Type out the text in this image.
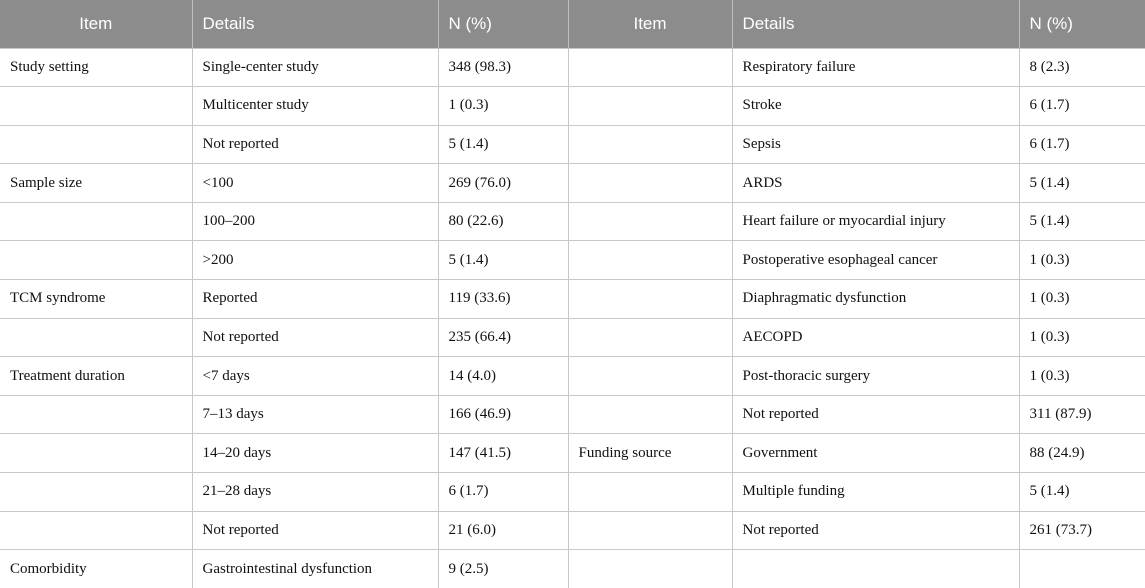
Item	Details	N (%)	Item	Details	N (%)
Study setting	Single-center study	348 (98.3)		Respiratory failure	8 (2.3)
	Multicenter study	1 (0.3)		Stroke	6 (1.7)
	Not reported	5 (1.4)		Sepsis	6 (1.7)
Sample size	<100	269 (76.0)		ARDS	5 (1.4)
	100–200	80 (22.6)		Heart failure or myocardial injury	5 (1.4)
	>200	5 (1.4)		Postoperative esophageal cancer	1 (0.3)
TCM syndrome	Reported	119 (33.6)		Diaphragmatic dysfunction	1 (0.3)
	Not reported	235 (66.4)		AECOPD	1 (0.3)
Treatment duration	<7 days	14 (4.0)		Post-thoracic surgery	1 (0.3)
	7–13 days	166 (46.9)		Not reported	311 (87.9)
	14–20 days	147 (41.5)	Funding source	Government	88 (24.9)
	21–28 days	6 (1.7)		Multiple funding	5 (1.4)
	Not reported	21 (6.0)		Not reported	261 (73.7)
Comorbidity	Gastrointestinal dysfunction	9 (2.5)			
